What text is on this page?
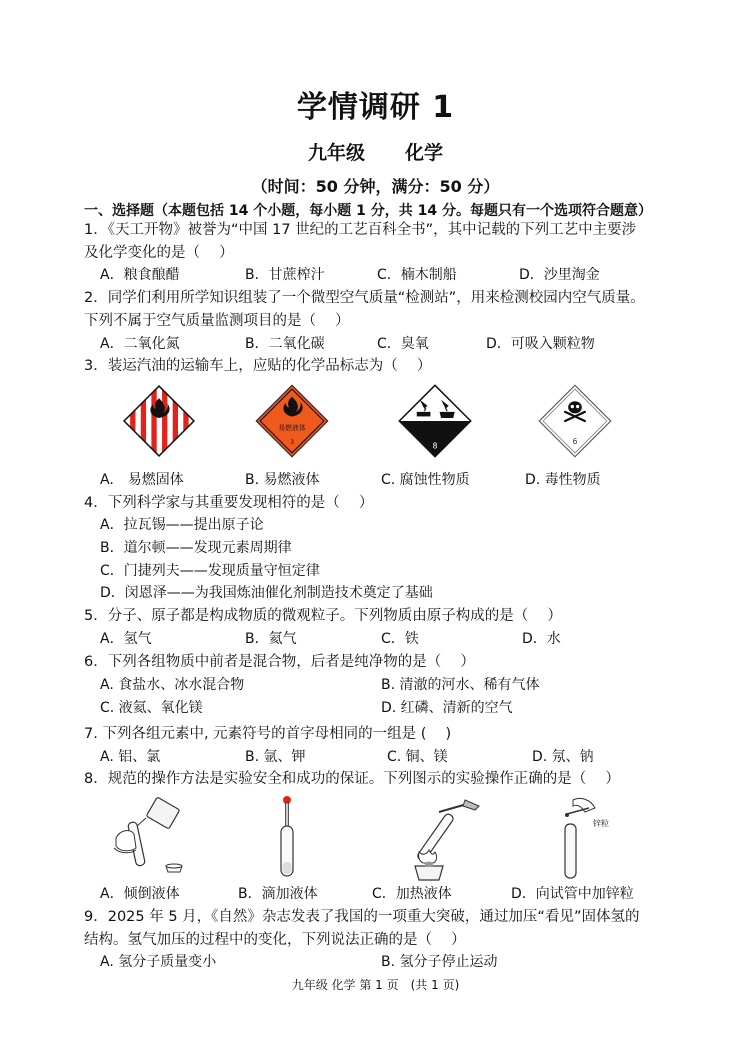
学情调研 1
九年级 化学
（时间：50 分钟，满分：50 分）
一、选择题（本题包括 14 个小题，每小题 1 分，共 14 分。每题只有一个选项符合题意）
1．《天工开物》被誉为“中国 17 世纪的工艺百科全书”，其中记载的下列工艺中主要涉
及化学变化的是（　 ）
A．粮食酿醋	B．甘蔗榨汁	C．楠木制船	D．沙里淘金
2．同学们利用所学知识组装了一个微型空气质量“检测站”，用来检测校园内空气质量。
下列不属于空气质量监测项目的是（　 ）
A．二氧化氮	B．二氧化碳	C．臭氧	D．可吸入颗粒物
3．装运汽油的运输车上，应贴的化学品标志为（　 ）
易燃液体
3	8
6
A.　易燃固体	B. 易燃液体	C. 腐蚀性物质	D. 毒性物质
4．下列科学家与其重要发现相符的是（　 ）
A．拉瓦锡——提出原子论
B．道尔顿——发现元素周期律
C．门捷列夫——发现质量守恒定律
D．闵恩泽——为我国炼油催化剂制造技术奠定了基础
5．分子、原子都是构成物质的微观粒子。下列物质由原子构成的是（　 ）
A．氢气	B．氦气	C．铁	D．水
6．下列各组物质中前者是混合物，后者是纯净物的是（　 ）
A. 食盐水、冰水混合物	B. 清澈的河水、稀有气体
C. 液氦、氧化镁	D. 红磷、清新的空气
7. 下列各组元素中, 元素符号的首字母相同的一组是 (　 )
A. 铝、氯	B. 氩、钾	C. 铜、镁	D. 氖、钠
8．规范的操作方法是实验安全和成功的保证。下列图示的实验操作正确的是（　 ）
锌粒
A．倾倒液体	B．滴加液体	C．加热液体	D．向试管中加锌粒
9．2025 年 5 月，《自然》杂志发表了我国的一项重大突破，通过加压“看见”固体氢的
结构。氢气加压的过程中的变化，下列说法正确的是（　 ）
A. 氢分子质量变小	B. 氢分子停止运动
九年级 化学 第 1 页　(共 1 页)
